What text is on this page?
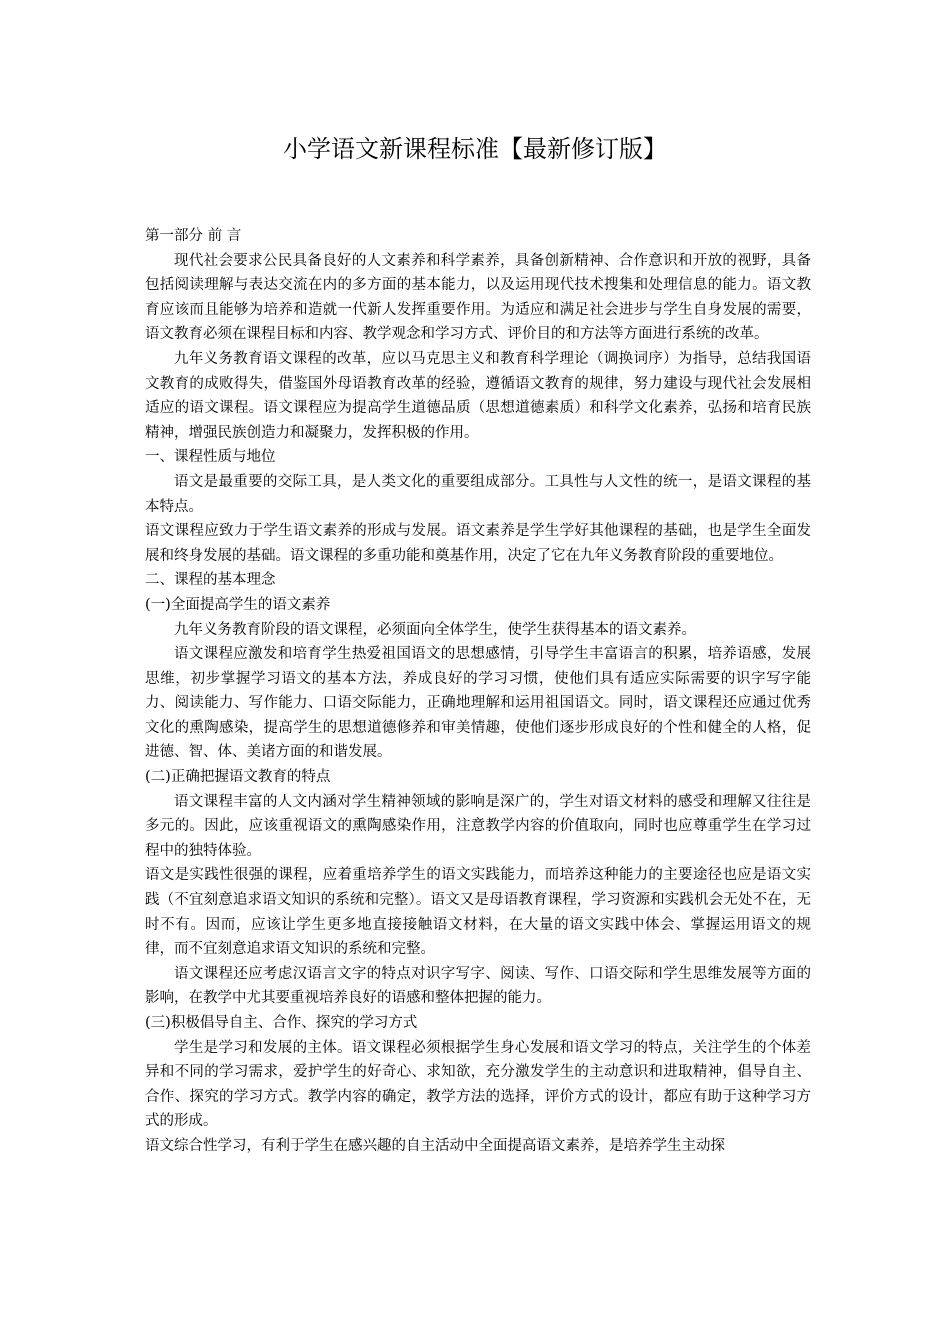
小学语文新课程标准【最新修订版】

第一部分 前 言

现代社会要求公民具备良好的人文素养和科学素养，具备创新精神、合作意识和开放的视野，具备包括阅读理解与表达交流在内的多方面的基本能力，以及运用现代技术搜集和处理信息的能力。语文教育应该而且能够为培养和造就一代新人发挥重要作用。为适应和满足社会进步与学生自身发展的需要，语文教育必须在课程目标和内容、教学观念和学习方式、评价目的和方法等方面进行系统的改革。

九年义务教育语文课程的改革，应以马克思主义和教育科学理论（调换词序）为指导，总结我国语文教育的成败得失，借鉴国外母语教育改革的经验，遵循语文教育的规律，努力建设与现代社会发展相适应的语文课程。语文课程应为提高学生道德品质（思想道德素质）和科学文化素养，弘扬和培育民族精神，增强民族创造力和凝聚力，发挥积极的作用。

一、课程性质与地位

语文是最重要的交际工具，是人类文化的重要组成部分。工具性与人文性的统一，是语文课程的基本特点。

语文课程应致力于学生语文素养的形成与发展。语文素养是学生学好其他课程的基础，也是学生全面发展和终身发展的基础。语文课程的多重功能和奠基作用，决定了它在九年义务教育阶段的重要地位。

二、课程的基本理念

(一)全面提高学生的语文素养

九年义务教育阶段的语文课程，必须面向全体学生，使学生获得基本的语文素养。

语文课程应激发和培育学生热爱祖国语文的思想感情，引导学生丰富语言的积累，培养语感，发展思维，初步掌握学习语文的基本方法，养成良好的学习习惯，使他们具有适应实际需要的识字写字能力、阅读能力、写作能力、口语交际能力，正确地理解和运用祖国语文。同时，语文课程还应通过优秀文化的熏陶感染，提高学生的思想道德修养和审美情趣，使他们逐步形成良好的个性和健全的人格，促进德、智、体、美诸方面的和谐发展。

(二)正确把握语文教育的特点

语文课程丰富的人文内涵对学生精神领域的影响是深广的，学生对语文材料的感受和理解又往往是多元的。因此，应该重视语文的熏陶感染作用，注意教学内容的价值取向，同时也应尊重学生在学习过程中的独特体验。

语文是实践性很强的课程，应着重培养学生的语文实践能力，而培养这种能力的主要途径也应是语文实践（不宜刻意追求语文知识的系统和完整）。语文又是母语教育课程，学习资源和实践机会无处不在，无时不有。因而，应该让学生更多地直接接触语文材料，在大量的语文实践中体会、掌握运用语文的规律，而不宜刻意追求语文知识的系统和完整。

语文课程还应考虑汉语言文字的特点对识字写字、阅读、写作、口语交际和学生思维发展等方面的影响，在教学中尤其要重视培养良好的语感和整体把握的能力。

(三)积极倡导自主、合作、探究的学习方式

学生是学习和发展的主体。语文课程必须根据学生身心发展和语文学习的特点，关注学生的个体差异和不同的学习需求，爱护学生的好奇心、求知欲，充分激发学生的主动意识和进取精神，倡导自主、合作、探究的学习方式。教学内容的确定，教学方法的选择，评价方式的设计，都应有助于这种学习方式的形成。

语文综合性学习，有利于学生在感兴趣的自主活动中全面提高语文素养，是培养学生主动探
